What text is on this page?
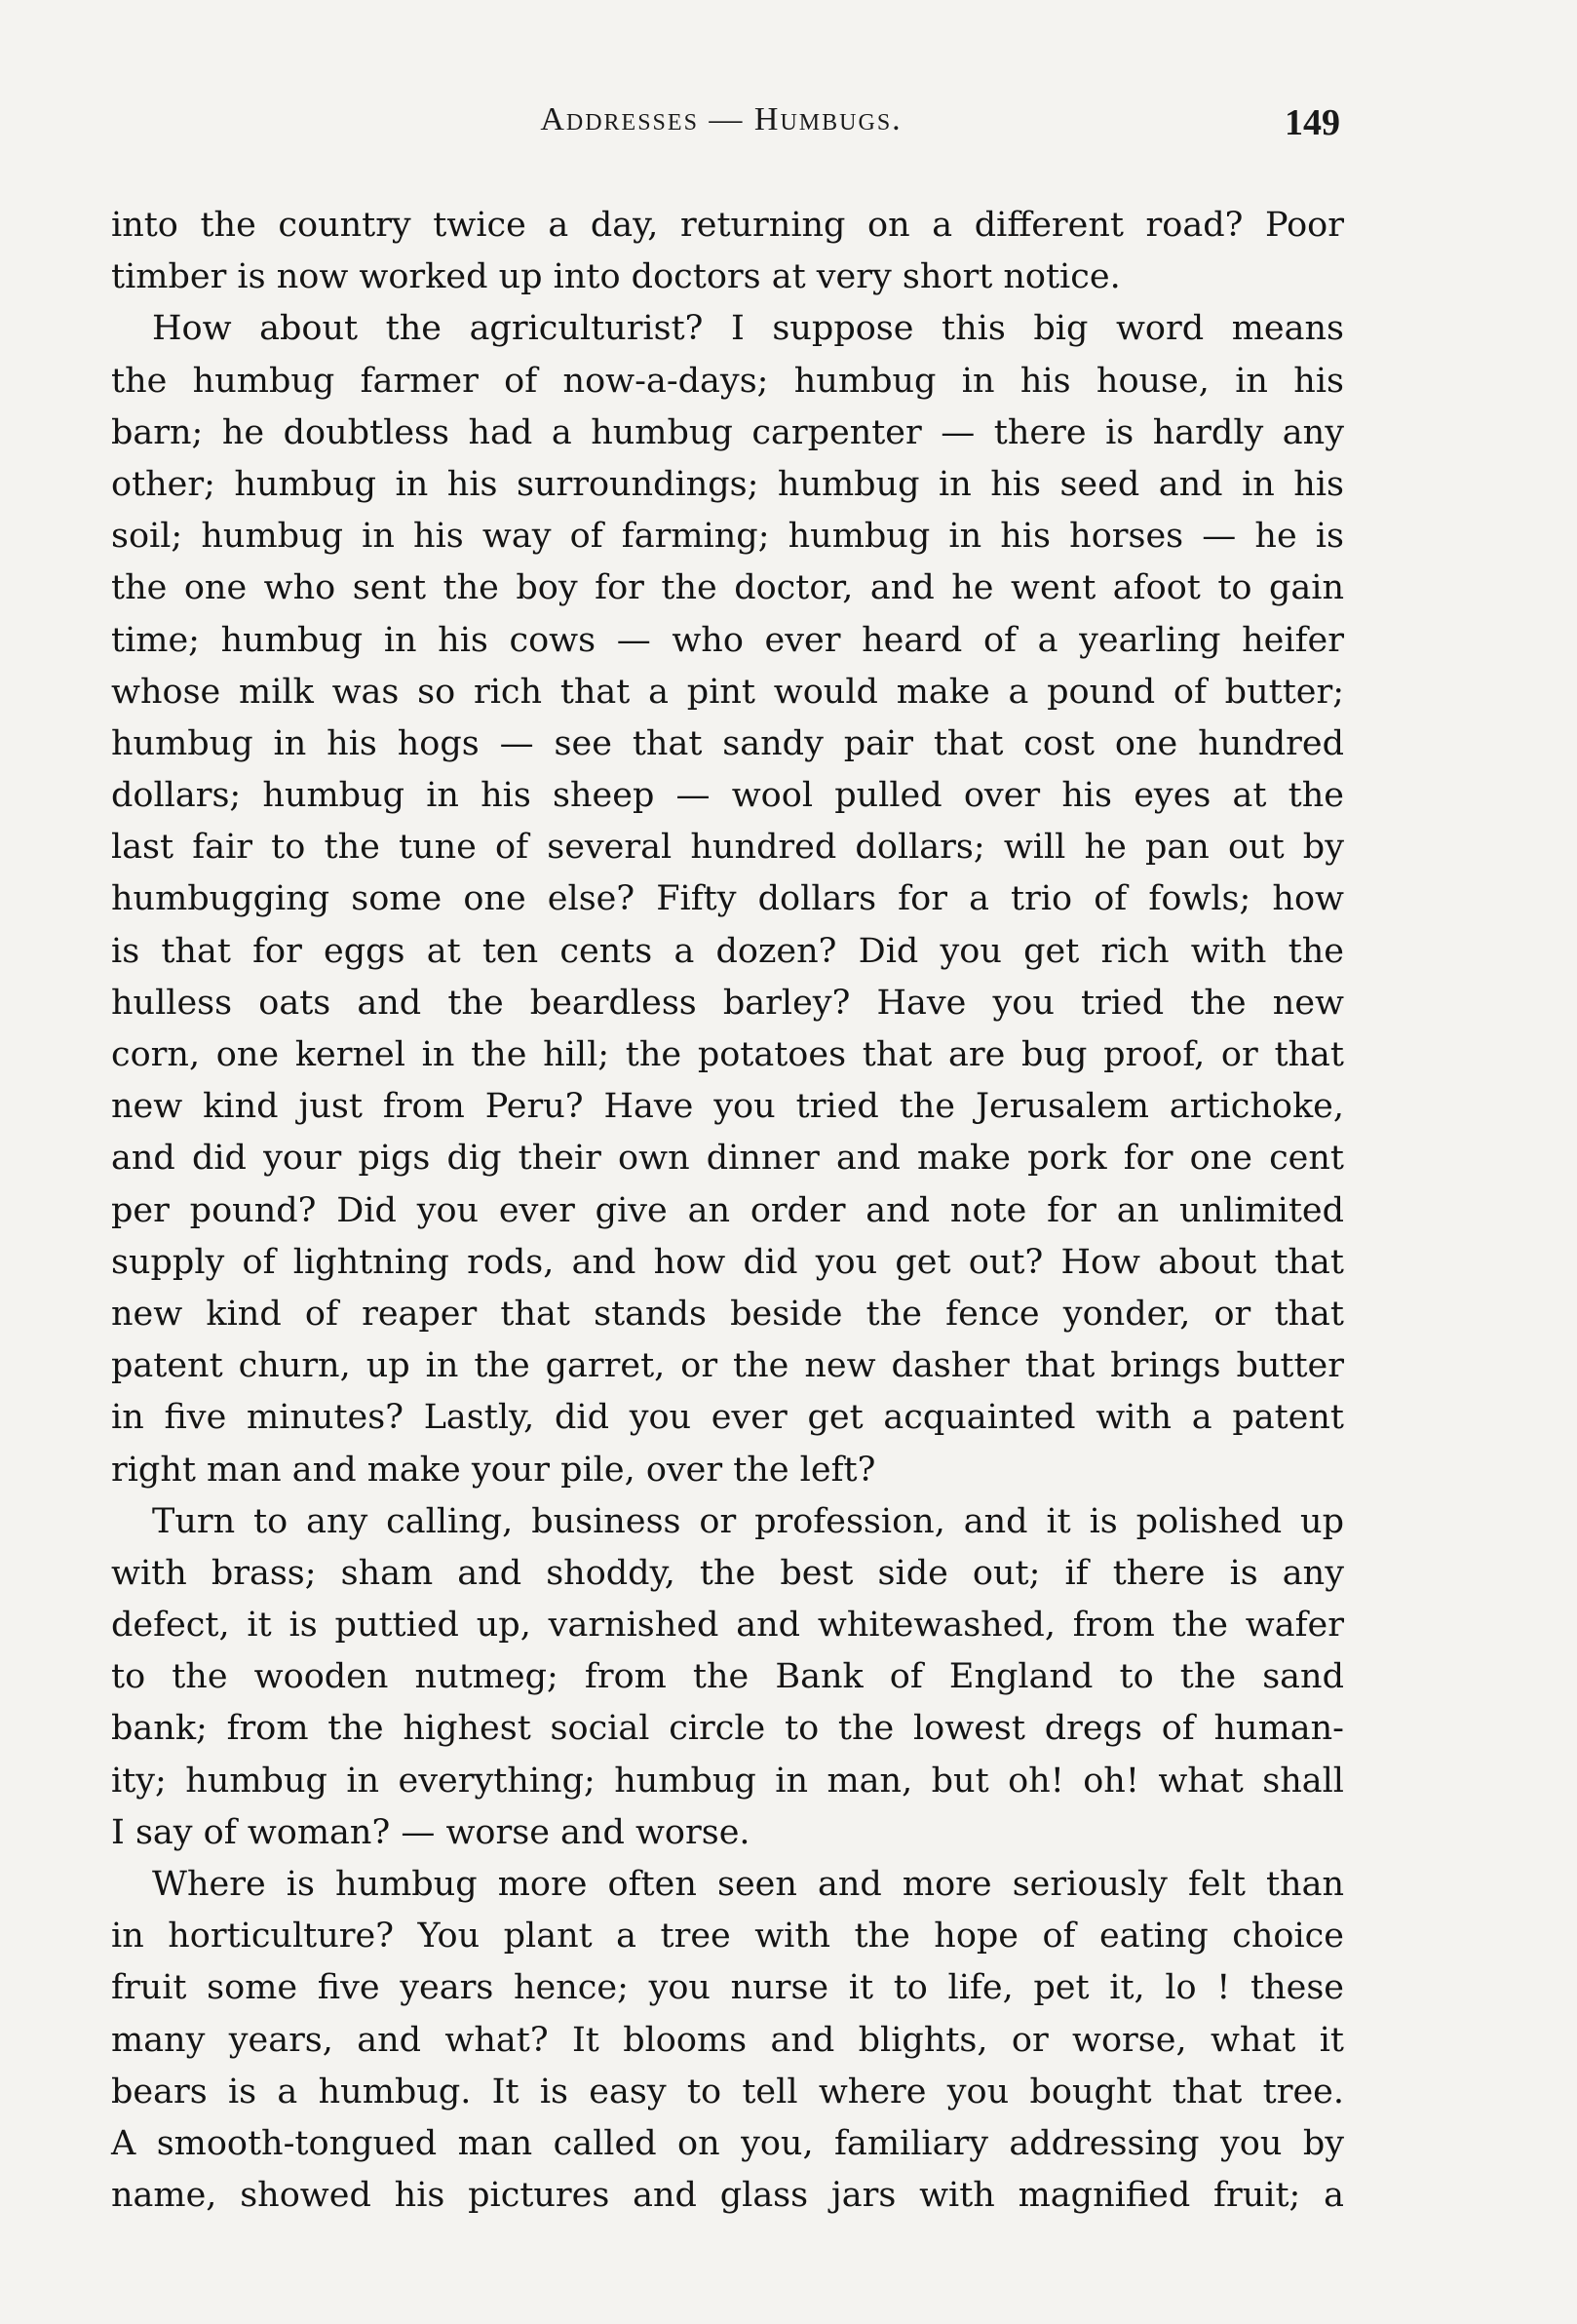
Addresses — Humbugs.	149
into the country twice a day, returning on a different road? Poor
timber is now worked up into doctors at very short notice.
How about the agriculturist? I suppose this big word means
the humbug farmer of now-a-days; humbug in his house, in his
barn; he doubtless had a humbug carpenter — there is hardly any
other; humbug in his surroundings; humbug in his seed and in his
soil; humbug in his way of farming; humbug in his horses — he is
the one who sent the boy for the doctor, and he went afoot to gain
time; humbug in his cows — who ever heard of a yearling heifer
whose milk was so rich that a pint would make a pound of butter;
humbug in his hogs — see that sandy pair that cost one hundred
dollars; humbug in his sheep — wool pulled over his eyes at the
last fair to the tune of several hundred dollars; will he pan out by
humbugging some one else? Fifty dollars for a trio of fowls; how
is that for eggs at ten cents a dozen? Did you get rich with the
hulless oats and the beardless barley? Have you tried the new
corn, one kernel in the hill; the potatoes that are bug proof, or that
new kind just from Peru? Have you tried the Jerusalem artichoke,
and did your pigs dig their own dinner and make pork for one cent
per pound? Did you ever give an order and note for an unlimited
supply of lightning rods, and how did you get out? How about that
new kind of reaper that stands beside the fence yonder, or that
patent churn, up in the garret, or the new dasher that brings butter
in five minutes? Lastly, did you ever get acquainted with a patent
right man and make your pile, over the left?
Turn to any calling, business or profession, and it is polished up
with brass; sham and shoddy, the best side out; if there is any
defect, it is puttied up, varnished and whitewashed, from the wafer
to the wooden nutmeg; from the Bank of England to the sand
bank; from the highest social circle to the lowest dregs of human-
ity; humbug in everything; humbug in man, but oh! oh! what shall
I say of woman? — worse and worse.
Where is humbug more often seen and more seriously felt than
in horticulture? You plant a tree with the hope of eating choice
fruit some five years hence; you nurse it to life, pet it, lo ! these
many years, and what? It blooms and blights, or worse, what it
bears is a humbug. It is easy to tell where you bought that tree.
A smooth-tongued man called on you, familiary addressing you by
name, showed his pictures and glass jars with magnified fruit; a
